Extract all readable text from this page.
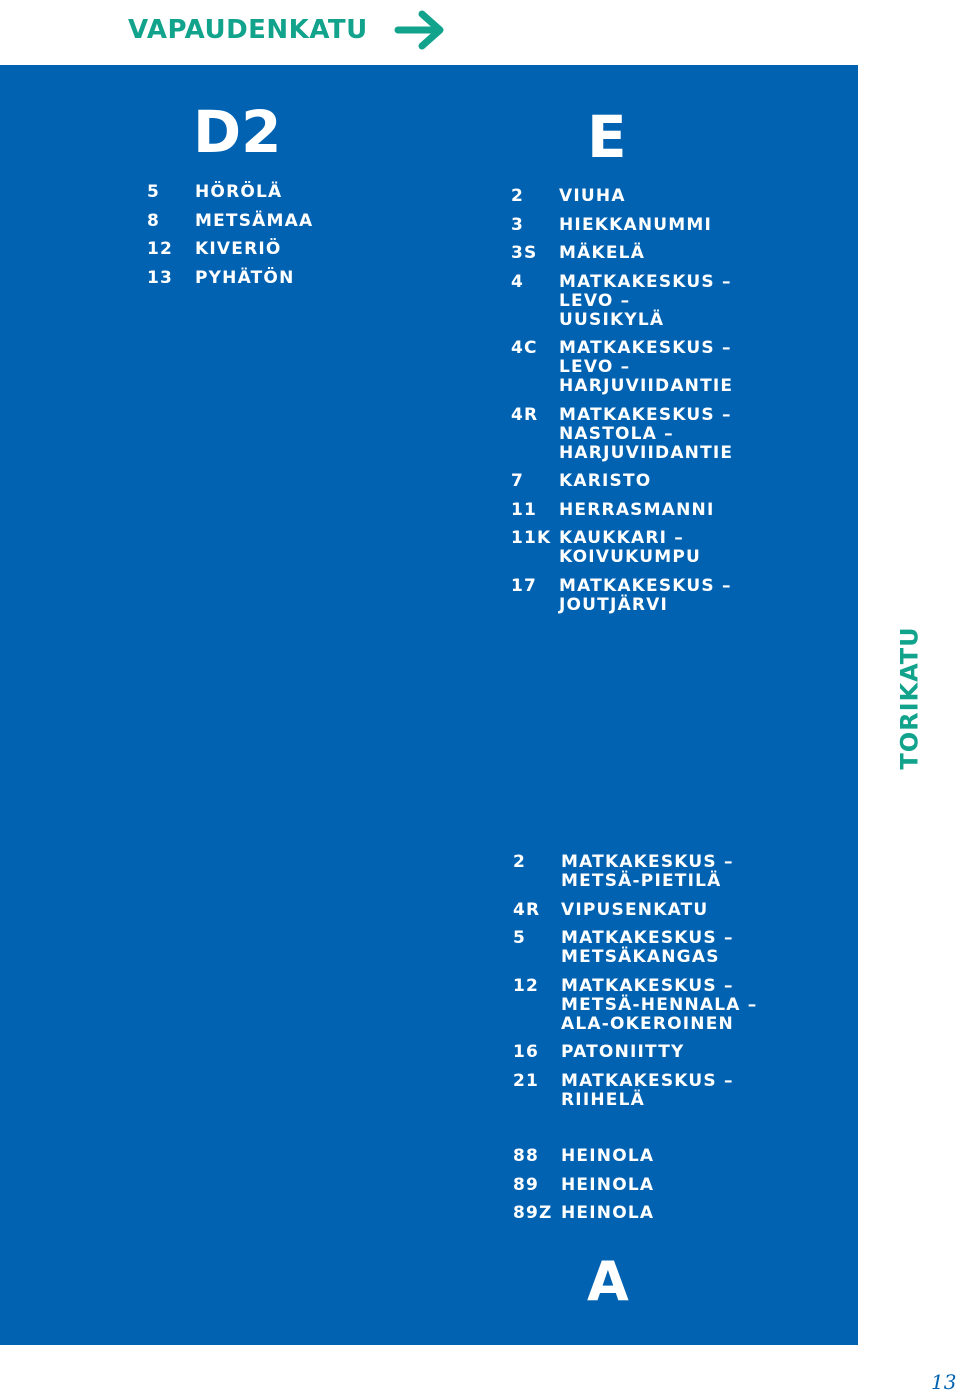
VAPAUDENKATU
D2
5	HÖRÖLÄ
8	METSÄMAA
12	KIVERIÖ
13	PYHÄTÖN
E
2	VIUHA
3	HIEKKANUMMI
3S	MÄKELÄ
4	MATKAKESKUS –
LEVO –
UUSIKYLÄ
4C	MATKAKESKUS –
LEVO –
HARJUVIIDANTIE
4R	MATKAKESKUS –
NASTOLA –
HARJUVIIDANTIE
7	KARISTO
11	HERRASMANNI
11K KAUKKARI –
KOIVUKUMPU
17	MATKAKESKUS –
JOUTJÄRVI
2	MATKAKESKUS –
METSÄ-PIETILÄ
4R	VIPUSENKATU
5	MATKAKESKUS –
METSÄKANGAS
12	MATKAKESKUS –
METSÄ-HENNALA –
ALA-OKEROINEN
16	PATONIITTY
21	MATKAKESKUS –
RIIHELÄ
88	HEINOLA
89	HEINOLA
89Z HEINOLA
A
TORIKATU
13
